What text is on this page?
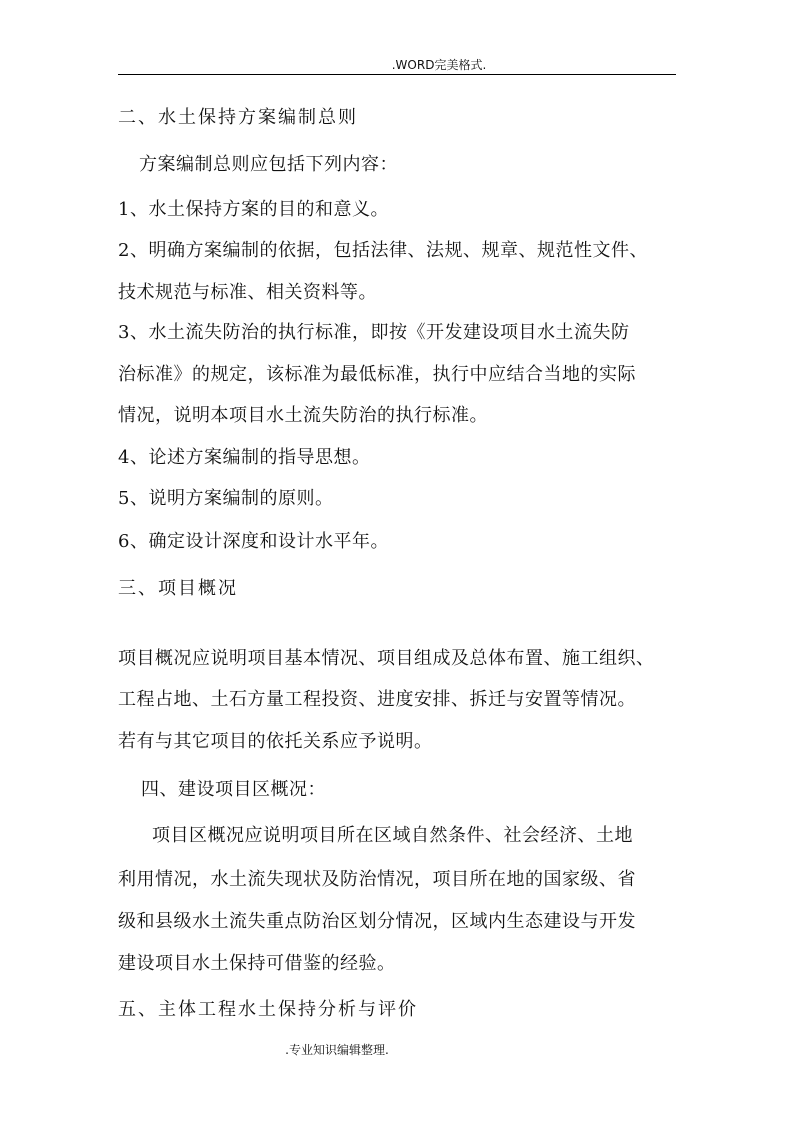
.WORD完美格式.
二、水土保持方案编制总则
方案编制总则应包括下列内容：
1、水土保持方案的目的和意义。
2、明确方案编制的依据，包括法律、法规、规章、规范性文件、
技术规范与标准、相关资料等。
3、水土流失防治的执行标准，即按《开发建设项目水土流失防
治标准》的规定，该标准为最低标准，执行中应结合当地的实际
情况，说明本项目水土流失防治的执行标准。
4、论述方案编制的指导思想。
5、说明方案编制的原则。
6、确定设计深度和设计水平年。
三、项目概况
项目概况应说明项目基本情况、项目组成及总体布置、施工组织、
工程占地、土石方量工程投资、进度安排、拆迁与安置等情况。
若有与其它项目的依托关系应予说明。
四、建设项目区概况：
项目区概况应说明项目所在区域自然条件、社会经济、土地
利用情况，水土流失现状及防治情况，项目所在地的国家级、省
级和县级水土流失重点防治区划分情况，区域内生态建设与开发
建设项目水土保持可借鉴的经验。
五、主体工程水土保持分析与评价
.专业知识编辑整理.
